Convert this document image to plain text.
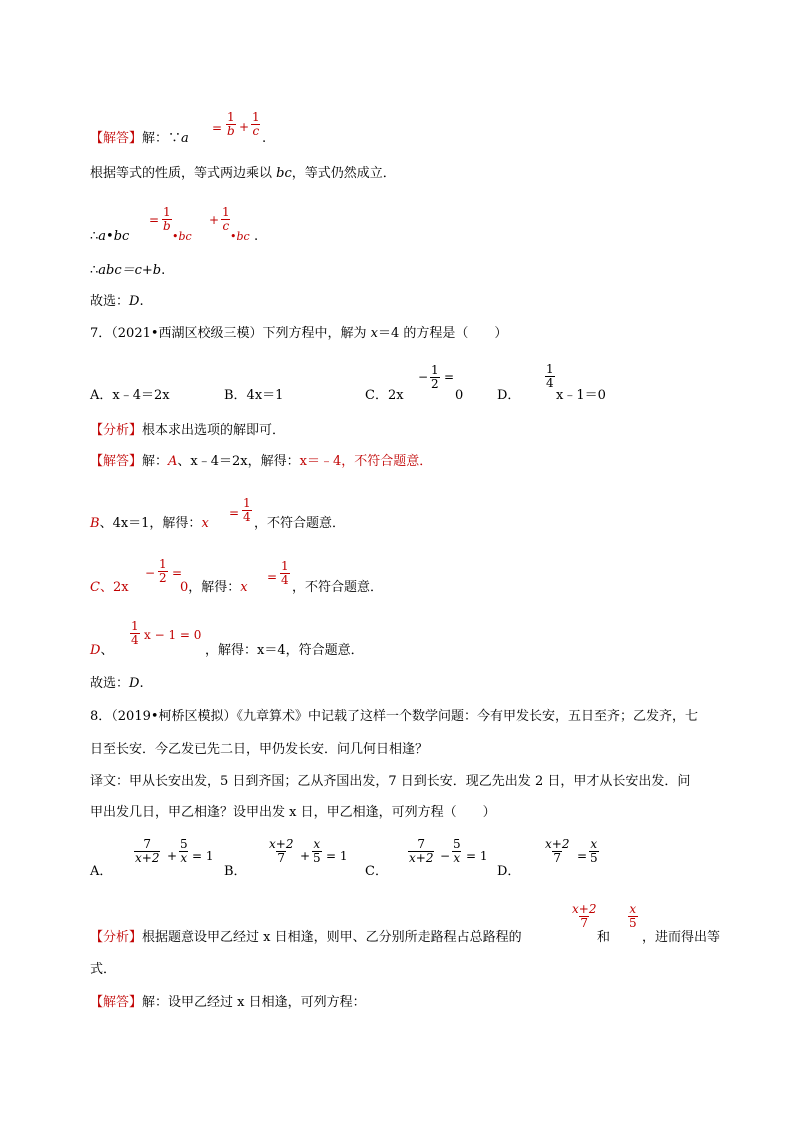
【解答】解：∵a
= $\frac{1}{b} + \frac{1}{c}$
.
根据等式的性质，等式两边乘以 bc，等式仍然成立．
∴a•bc
= $\frac{1}{b}$
•bc
+ $\frac{1}{c}$
•bc .
∴abc＝c+b.
故选：D.
7．（2021•西湖区校级三模）下列方程中，解为 x＝4 的方程是（　　）
A．x﹣4＝2x	B．4x＝1	C．2x
− $\frac{1}{2}$ =
0	D．
$\frac{1}{4}$
x﹣1＝0
【分析】根本求出选项的解即可．
【解答】解：A、x﹣4＝2x，解得：x＝﹣4，不符合题意．
B、4x＝1，解得：x
= $\frac{1}{4}$ ，不符合题意．
C、2x
− $\frac{1}{2}$ =
0，解得：x
= $\frac{1}{4}$
，不符合题意．
D、
$\frac{1}{4}$ x − 1 = 0
，解得：x＝4，符合题意．
故选：D.
8．（2019•柯桥区模拟）《九章算术》中记载了这样一个数学问题：今有甲发长安，五日至齐；乙发齐，七
日至长安．今乙发已先二日，甲仍发长安．问几何日相逢？
译文：甲从长安出发，5 日到齐国；乙从齐国出发，7 日到长安．现乙先出发 2 日，甲才从长安出发．问
甲出发几日，甲乙相逢？设甲出发 x 日，甲乙相逢，可列方程（　　）
A．
$\frac{7}{x+2} + \frac{5}{x} = 1$
B．
$\frac{x+2}{7} + \frac{x}{5} = 1$
C．
$\frac{7}{x+2} - \frac{5}{x} = 1$
D．
$\frac{x+2}{7} = \frac{x}{5}$
【分析】根据题意设甲乙经过 x 日相逢，则甲、乙分别所走路程占总路程的
$\frac{x+2}{7}$
和
$\frac{x}{5}$
，进而得出等
式．
【解答】解：设甲乙经过 x 日相逢，可列方程：
